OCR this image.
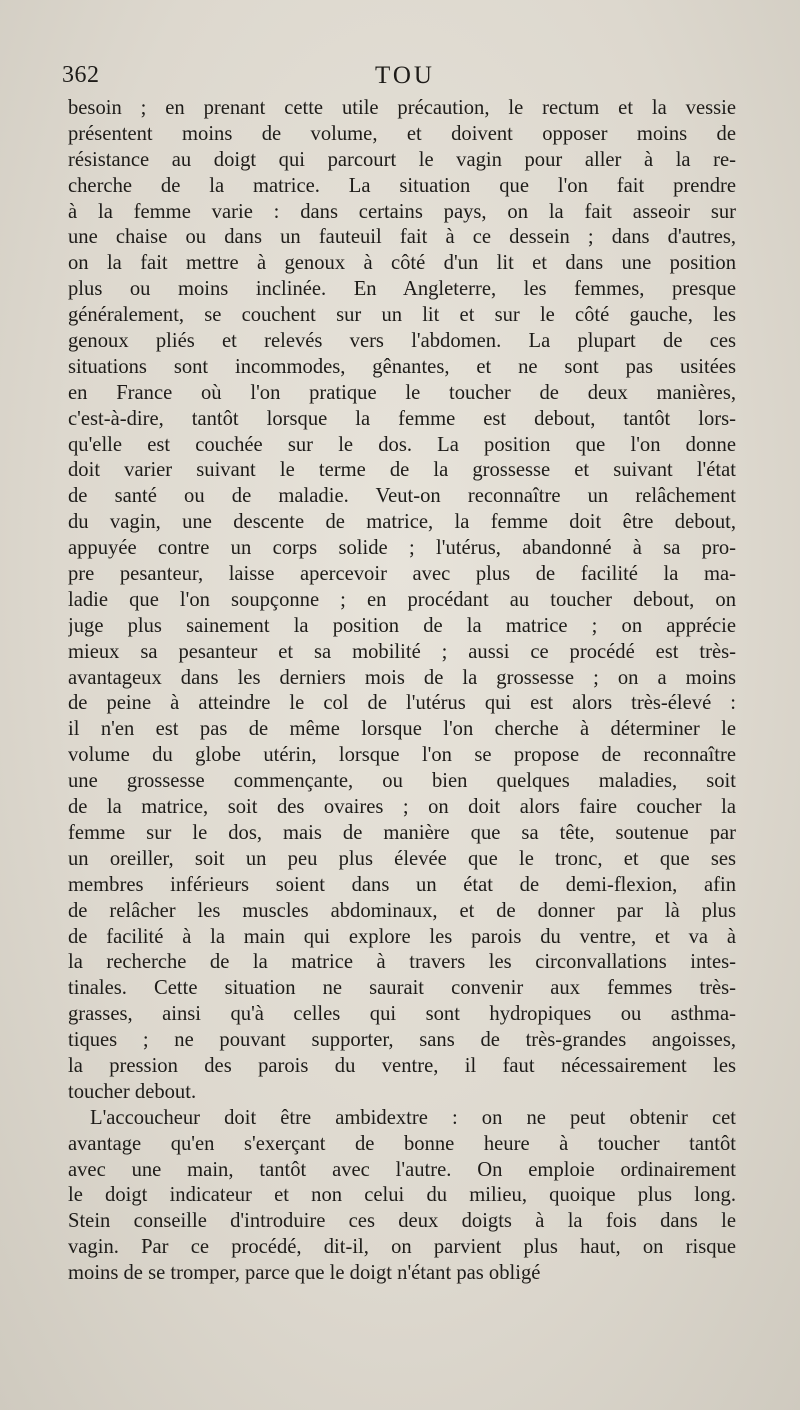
362	TOU
besoin ; en prenant cette utile précaution, le rectum et la vessie
présentent moins de volume, et doivent opposer moins de
résistance au doigt qui parcourt le vagin pour aller à la re-
cherche de la matrice. La situation que l'on fait prendre
à la femme varie : dans certains pays, on la fait asseoir sur
une chaise ou dans un fauteuil fait à ce dessein ; dans d'autres,
on la fait mettre à genoux à côté d'un lit et dans une position
plus ou moins inclinée. En Angleterre, les femmes, presque
généralement, se couchent sur un lit et sur le côté gauche, les
genoux pliés et relevés vers l'abdomen. La plupart de ces
situations sont incommodes, gênantes, et ne sont pas usitées
en France où l'on pratique le toucher de deux manières,
c'est-à-dire, tantôt lorsque la femme est debout, tantôt lors-
qu'elle est couchée sur le dos. La position que l'on donne
doit varier suivant le terme de la grossesse et suivant l'état
de santé ou de maladie. Veut-on reconnaître un relâchement
du vagin, une descente de matrice, la femme doit être debout,
appuyée contre un corps solide ; l'utérus, abandonné à sa pro-
pre pesanteur, laisse apercevoir avec plus de facilité la ma-
ladie que l'on soupçonne ; en procédant au toucher debout, on
juge plus sainement la position de la matrice ; on apprécie
mieux sa pesanteur et sa mobilité ; aussi ce procédé est très-
avantageux dans les derniers mois de la grossesse ; on a moins
de peine à atteindre le col de l'utérus qui est alors très-élevé :
il n'en est pas de même lorsque l'on cherche à déterminer le
volume du globe utérin, lorsque l'on se propose de reconnaître
une grossesse commençante, ou bien quelques maladies, soit
de la matrice, soit des ovaires ; on doit alors faire coucher la
femme sur le dos, mais de manière que sa tête, soutenue par
un oreiller, soit un peu plus élevée que le tronc, et que ses
membres inférieurs soient dans un état de demi-flexion, afin
de relâcher les muscles abdominaux, et de donner par là plus
de facilité à la main qui explore les parois du ventre, et va à
la recherche de la matrice à travers les circonvallations intes-
tinales. Cette situation ne saurait convenir aux femmes très-
grasses, ainsi qu'à celles qui sont hydropiques ou asthma-
tiques ; ne pouvant supporter, sans de très-grandes angoisses,
la pression des parois du ventre, il faut nécessairement les
toucher debout.
L'accoucheur doit être ambidextre : on ne peut obtenir cet
avantage qu'en s'exerçant de bonne heure à toucher tantôt
avec une main, tantôt avec l'autre. On emploie ordinairement
le doigt indicateur et non celui du milieu, quoique plus long.
Stein conseille d'introduire ces deux doigts à la fois dans le
vagin. Par ce procédé, dit-il, on parvient plus haut, on risque
moins de se tromper, parce que le doigt n'étant pas obligé
